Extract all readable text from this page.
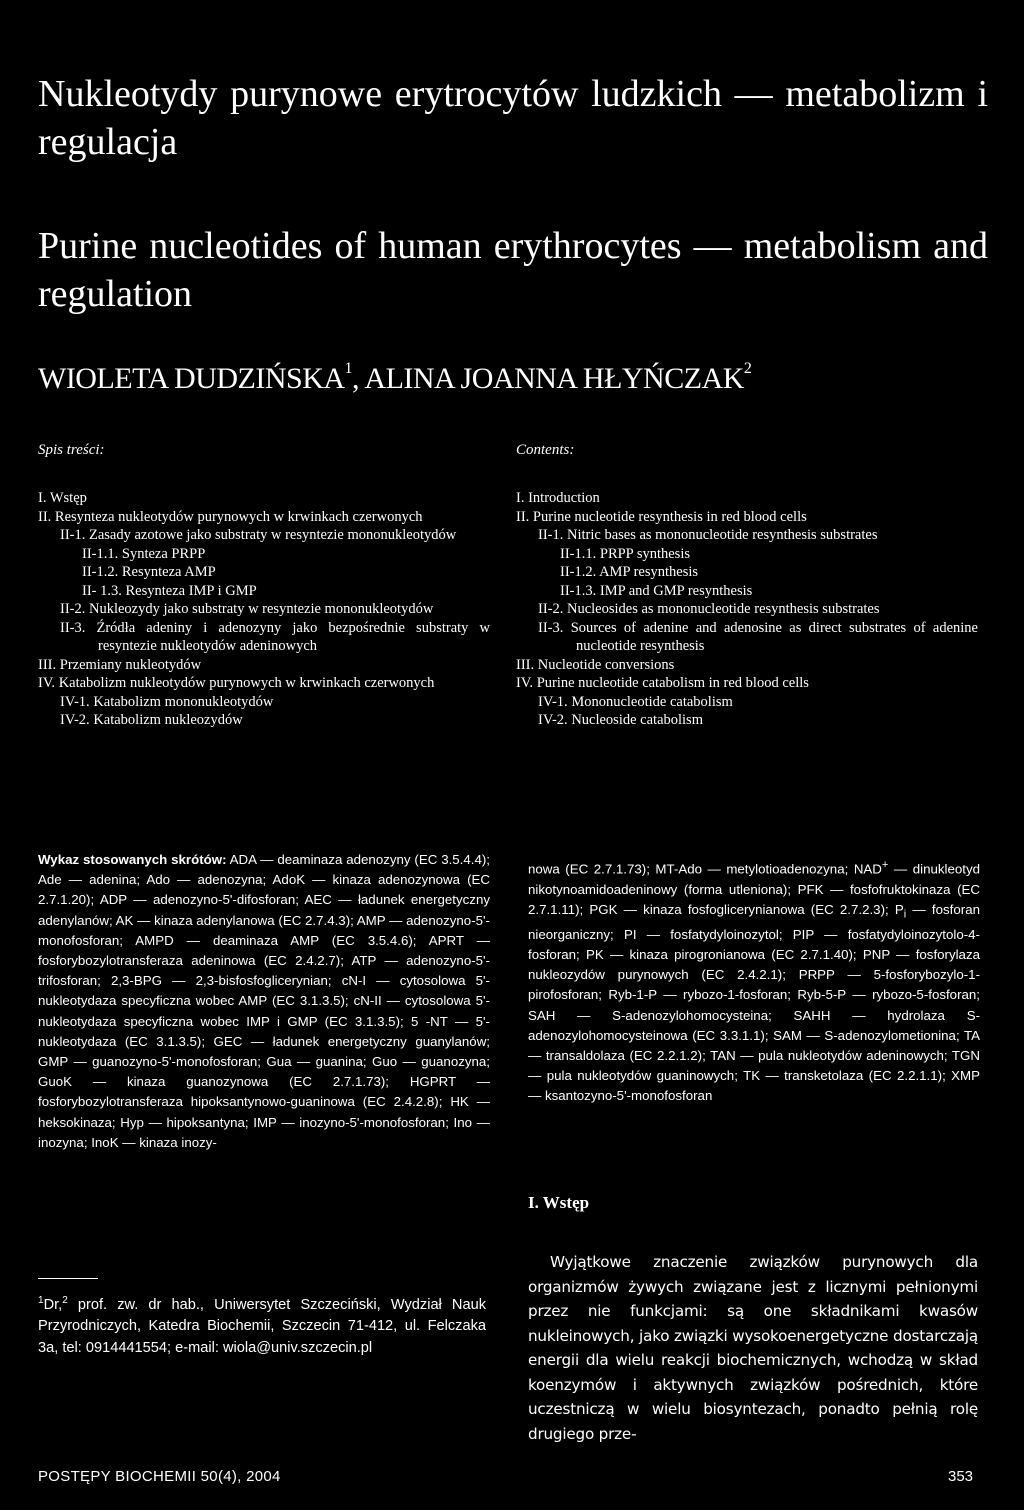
Nukleotydy purynowe erytrocytów ludzkich — metabolizm i regulacja
Purine nucleotides of human erythrocytes — metabolism and regulation
WIOLETA DUDZIŃSKA$^1$, ALINA JOANNA HŁYŃCZAK$^2$
Spis treści:	Contents:
I. Wstęp
II. Resynteza nukleotydów purynowych w krwinkach czerwonych
II-1. Zasady azotowe jako substraty w resyntezie mononukleotydów
II-1.1. Synteza PRPP
II-1.2. Resynteza AMP
II- 1.3. Resynteza IMP i GMP
II-2. Nukleozydy jako substraty w resyntezie mononukleotydów
II-3. Źródła adeniny i adenozyny jako bezpośrednie substraty w resyntezie nukleotydów adeninowych
III. Przemiany nukleotydów
IV. Katabolizm nukleotydów purynowych w krwinkach czerwonych
IV-1. Katabolizm mononukleotydów
IV-2. Katabolizm nukleozydów
I. Introduction
II. Purine nucleotide resynthesis in red blood cells
II-1. Nitric bases as mononucleotide resynthesis substrates
II-1.1. PRPP synthesis
II-1.2. AMP resynthesis
II-1.3. IMP and GMP resynthesis
II-2. Nucleosides as mononucleotide resynthesis substrates
II-3. Sources of adenine and adenosine as direct substrates of adenine nucleotide resynthesis
III. Nucleotide conversions
IV. Purine nucleotide catabolism in red blood cells
IV-1. Mononucleotide catabolism
IV-2. Nucleoside catabolism
Wykaz stosowanych skrótów: ADA — deaminaza adenozyny (EC 3.5.4.4); Ade — adenina; Ado — adenozyna; AdoK — kinaza adenozynowa (EC 2.7.1.20); ADP — adenozyno-5'-difosforan; AEC — ładunek energetyczny adenylanów; AK — kinaza adenylanowa (EC 2.7.4.3); AMP — adenozyno-5'-monofosforan; AMPD — deaminaza AMP (EC 3.5.4.6); APRT — fosforybozylotransferaza adeninowa (EC 2.4.2.7); ATP — adenozyno-5'-trifosforan; 2,3-BPG — 2,3-bisfosfoglicerynian; cN-I — cytosolowa 5'-nukleotydaza specyficzna wobec AMP (EC 3.1.3.5); cN-II — cytosolowa 5'-nukleotydaza specyficzna wobec IMP i GMP (EC 3.1.3.5); 5 -NT — 5'-nukleotydaza (EC 3.1.3.5); GEC — ładunek energetyczny guanylanów; GMP — guanozyno-5'-monofosforan; Gua — guanina; Guo — guanozyna; GuoK — kinaza guanozynowa (EC 2.7.1.73); HGPRT — fosforybozylotransferaza hipoksantynowo-guaninowa (EC 2.4.2.8); HK — heksokinaza; Hyp — hipoksantyna; IMP — inozyno-5'-monofosforan; Ino — inozyna; InoK — kinaza inozy-
nowa (EC 2.7.1.73); MT-Ado — metylotioadenozyna; NAD+ — dinukleotyd nikotynoamidoadeninowy (forma utleniona); PFK — fosfofruktokinaza (EC 2.7.1.11); PGK — kinaza fosfoglicerynianowa (EC 2.7.2.3); $P_i$ — fosforan nieorganiczny; PI — fosfatydyloinozytol; PIP — fosfatydyloinozytolo-4-fosforan; PK — kinaza pirogronianowa (EC 2.7.1.40); PNP — fosforylaza nukleozydów purynowych (EC 2.4.2.1); PRPP — 5-fosforybozylo-1-pirofosforan; Ryb-1-P — rybozo-1-fosforan; Ryb-5-P — rybozo-5-fosforan; SAH — S-adenozylohomocysteina; SAHH — hydrolaza S-adenozylohomocysteinowa (EC 3.3.1.1); SAM — S-adenozylometionina; TA — transaldolaza (EC 2.2.1.2); TAN — pula nukleotydów adeninowych; TGN — pula nukleotydów guaninowych; TK — transketolaza (EC 2.2.1.1); XMP — ksantozyno-5'-monofosforan
I. Wstęp
Wyjątkowe znaczenie związków purynowych dla organizmów żywych związane jest z licznymi pełnionymi przez nie funkcjami: są one składnikami kwasów nukleinowych, jako związki wysokoenergetyczne dostarczają energii dla wielu reakcji biochemicznych, wchodzą w skład koenzymów i aktywnych związków pośrednich, które uczestniczą w wielu biosyntezach, ponadto pełnią rolę drugiego prze-
$^1$Dr,$^2$ prof. zw. dr hab., Uniwersytet Szczeciński, Wydział Nauk Przyrodniczych, Katedra Biochemii, Szczecin 71-412, ul. Felczaka 3a, tel: 0914441554; e-mail: wiola@univ.szczecin.pl
POSTĘPY BIOCHEMII 50(4), 2004	353
